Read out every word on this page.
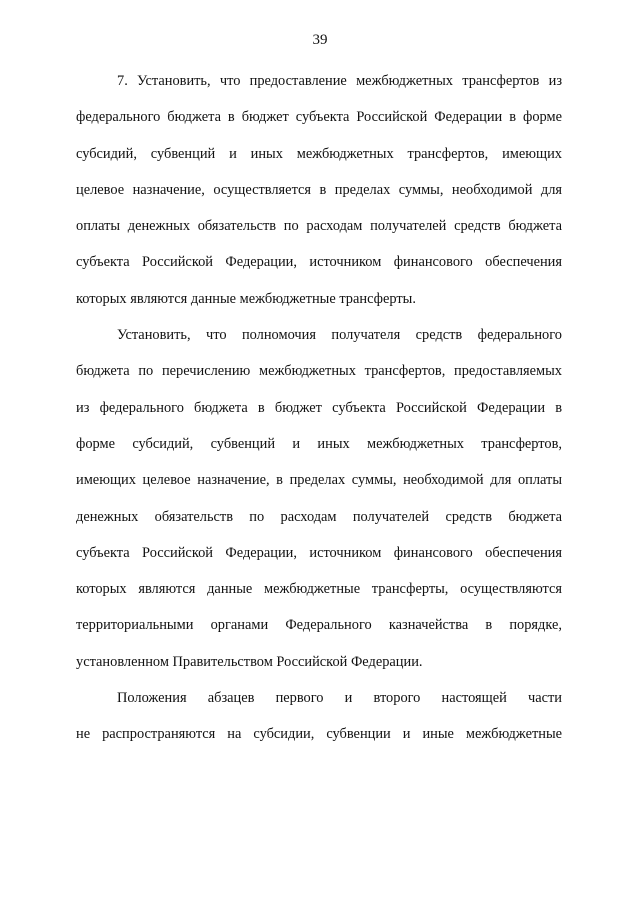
39
7. Установить, что предоставление межбюджетных трансфертов из
федерального бюджета в бюджет субъекта Российской Федерации в форме
субсидий, субвенций и иных межбюджетных трансфертов, имеющих
целевое назначение, осуществляется в пределах суммы, необходимой для
оплаты денежных обязательств по расходам получателей средств бюджета
субъекта Российской Федерации, источником финансового обеспечения
которых являются данные межбюджетные трансферты.
Установить, что полномочия получателя средств федерального
бюджета по перечислению межбюджетных трансфертов, предоставляемых
из федерального бюджета в бюджет субъекта Российской Федерации в
форме субсидий, субвенций и иных межбюджетных трансфертов,
имеющих целевое назначение, в пределах суммы, необходимой для оплаты
денежных обязательств по расходам получателей средств бюджета
субъекта Российской Федерации, источником финансового обеспечения
которых являются данные межбюджетные трансферты, осуществляются
территориальными органами Федерального казначейства в порядке,
установленном Правительством Российской Федерации.
Положения абзацев первого и второго настоящей части
не распространяются на субсидии, субвенции и иные межбюджетные
